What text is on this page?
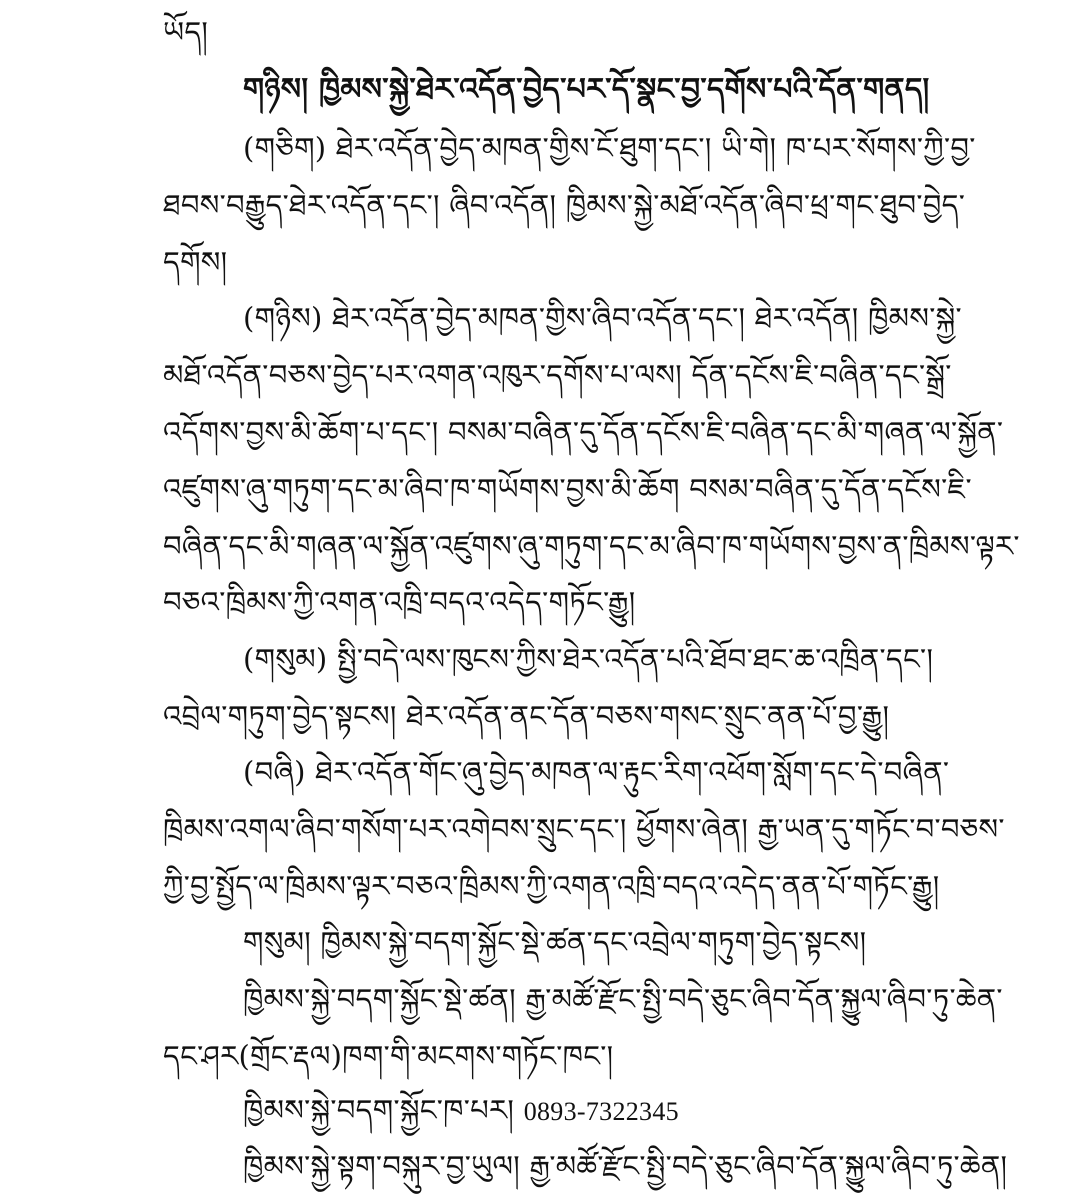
ཡོད།
གཉིས། ཁྱིམས་སྐྱེ་ཐེར་འདོན་བྱེད་པར་དོ་སྣང་བྱ་དགོས་པའི་དོན་གནད།
(གཅིག) ཐེར་འདོན་བྱེད་མཁན་གྱིས་ངོ་ཐུག་དང་། ཡི་གེ། ཁ་པར་སོགས་ཀྱི་བྱ་
ཐབས་བརྒྱུད་ཐེར་འདོན་དང་། ཞིབ་འདོན། ཁྱིམས་སྐྱེ་མཐོ་འདོན་ཞིབ་ཕྲ་གང་ཐུབ་བྱེད་
དགོས།
(གཉིས) ཐེར་འདོན་བྱེད་མཁན་གྱིས་ཞིབ་འདོན་དང་། ཐེར་འདོན། ཁྱིམས་སྐྱེ་
མཐོ་འདོན་བཅས་བྱེད་པར་འགན་འཁུར་དགོས་པ་ལས། དོན་དངོས་ཇི་བཞིན་དང་སྒྲོ་
འདོགས་བྱས་མི་ཆོག་པ་དང་། བསམ་བཞིན་དུ་དོན་དངོས་ཇི་བཞིན་དང་མི་གཞན་ལ་སྐྱོན་
འཛུགས་ཞུ་གཏུག་དང་མ་ཞིབ་ཁ་གཡོགས་བྱས་མི་ཆོག བསམ་བཞིན་དུ་དོན་དངོས་ཇི་
བཞིན་དང་མི་གཞན་ལ་སྐྱོན་འཛུགས་ཞུ་གཏུག་དང་མ་ཞིབ་ཁ་གཡོགས་བྱས་ན་ཁྲིམས་ལྟར་
བཅའ་ཁྲིམས་ཀྱི་འགན་འཁྲི་བདའ་འདེད་གཏོང་རྒྱུ།
(གསུམ) སྤྱི་བདེ་ལས་ཁུངས་ཀྱིས་ཐེར་འདོན་པའི་ཐོབ་ཐང་ཆ་འཁྲིན་དང་།
འབྲེལ་གཏུག་བྱེད་སྟངས། ཐེར་འདོན་ནང་དོན་བཅས་གསང་སྲུང་ནན་པོ་བྱ་རྒྱུ།
(བཞི) ཐེར་འདོན་གོང་ཞུ་བྱེད་མཁན་ལ་རྟུང་རིག་འཕོག་སློག་དང་དེ་བཞིན་
ཁྲིམས་འགལ་ཞིབ་གསོག་པར་འགེབས་སྲུང་དང་། ཕྱོགས་ཞེན། རྒྱ་ཡན་དུ་གཏོང་བ་བཅས་
ཀྱི་བྱ་སྤྱོད་ལ་ཁྲིམས་ལྟར་བཅའ་ཁྲིམས་ཀྱི་འགན་འཁྲི་བདའ་འདེད་ནན་པོ་གཏོང་རྒྱུ།
གསུམ། ཁྱིམས་སྐྱེ་བདག་སྐྱོང་སྡེ་ཚན་དང་འབྲེལ་གཏུག་བྱེད་སྟངས།
ཁྱིམས་སྐྱེ་བདག་སྐྱོང་སྡེ་ཚན། རྒྱ་མཚོ་རྫོང་སྤྱི་བདེ་ཅུང་ཞིབ་དོན་སྐྱུལ་ཞིབ་ཏུ་ཆེན་
དང་ཤར(གྲོང་རྡལ)ཁག་གི་མངགས་གཏོང་ཁང་།
ཁྱིམས་སྐྱེ་བདག་སྐྱོང་ཁ་པར། 0893-7322345
ཁྱིམས་སྐྱེ་སྟག་བསྐུར་བྱ་ཡུལ། རྒྱ་མཚོ་རྫོང་སྤྱི་བདེ་ཅུང་ཞིབ་དོན་སྐྱུལ་ཞིབ་ཏུ་ཆེན།
